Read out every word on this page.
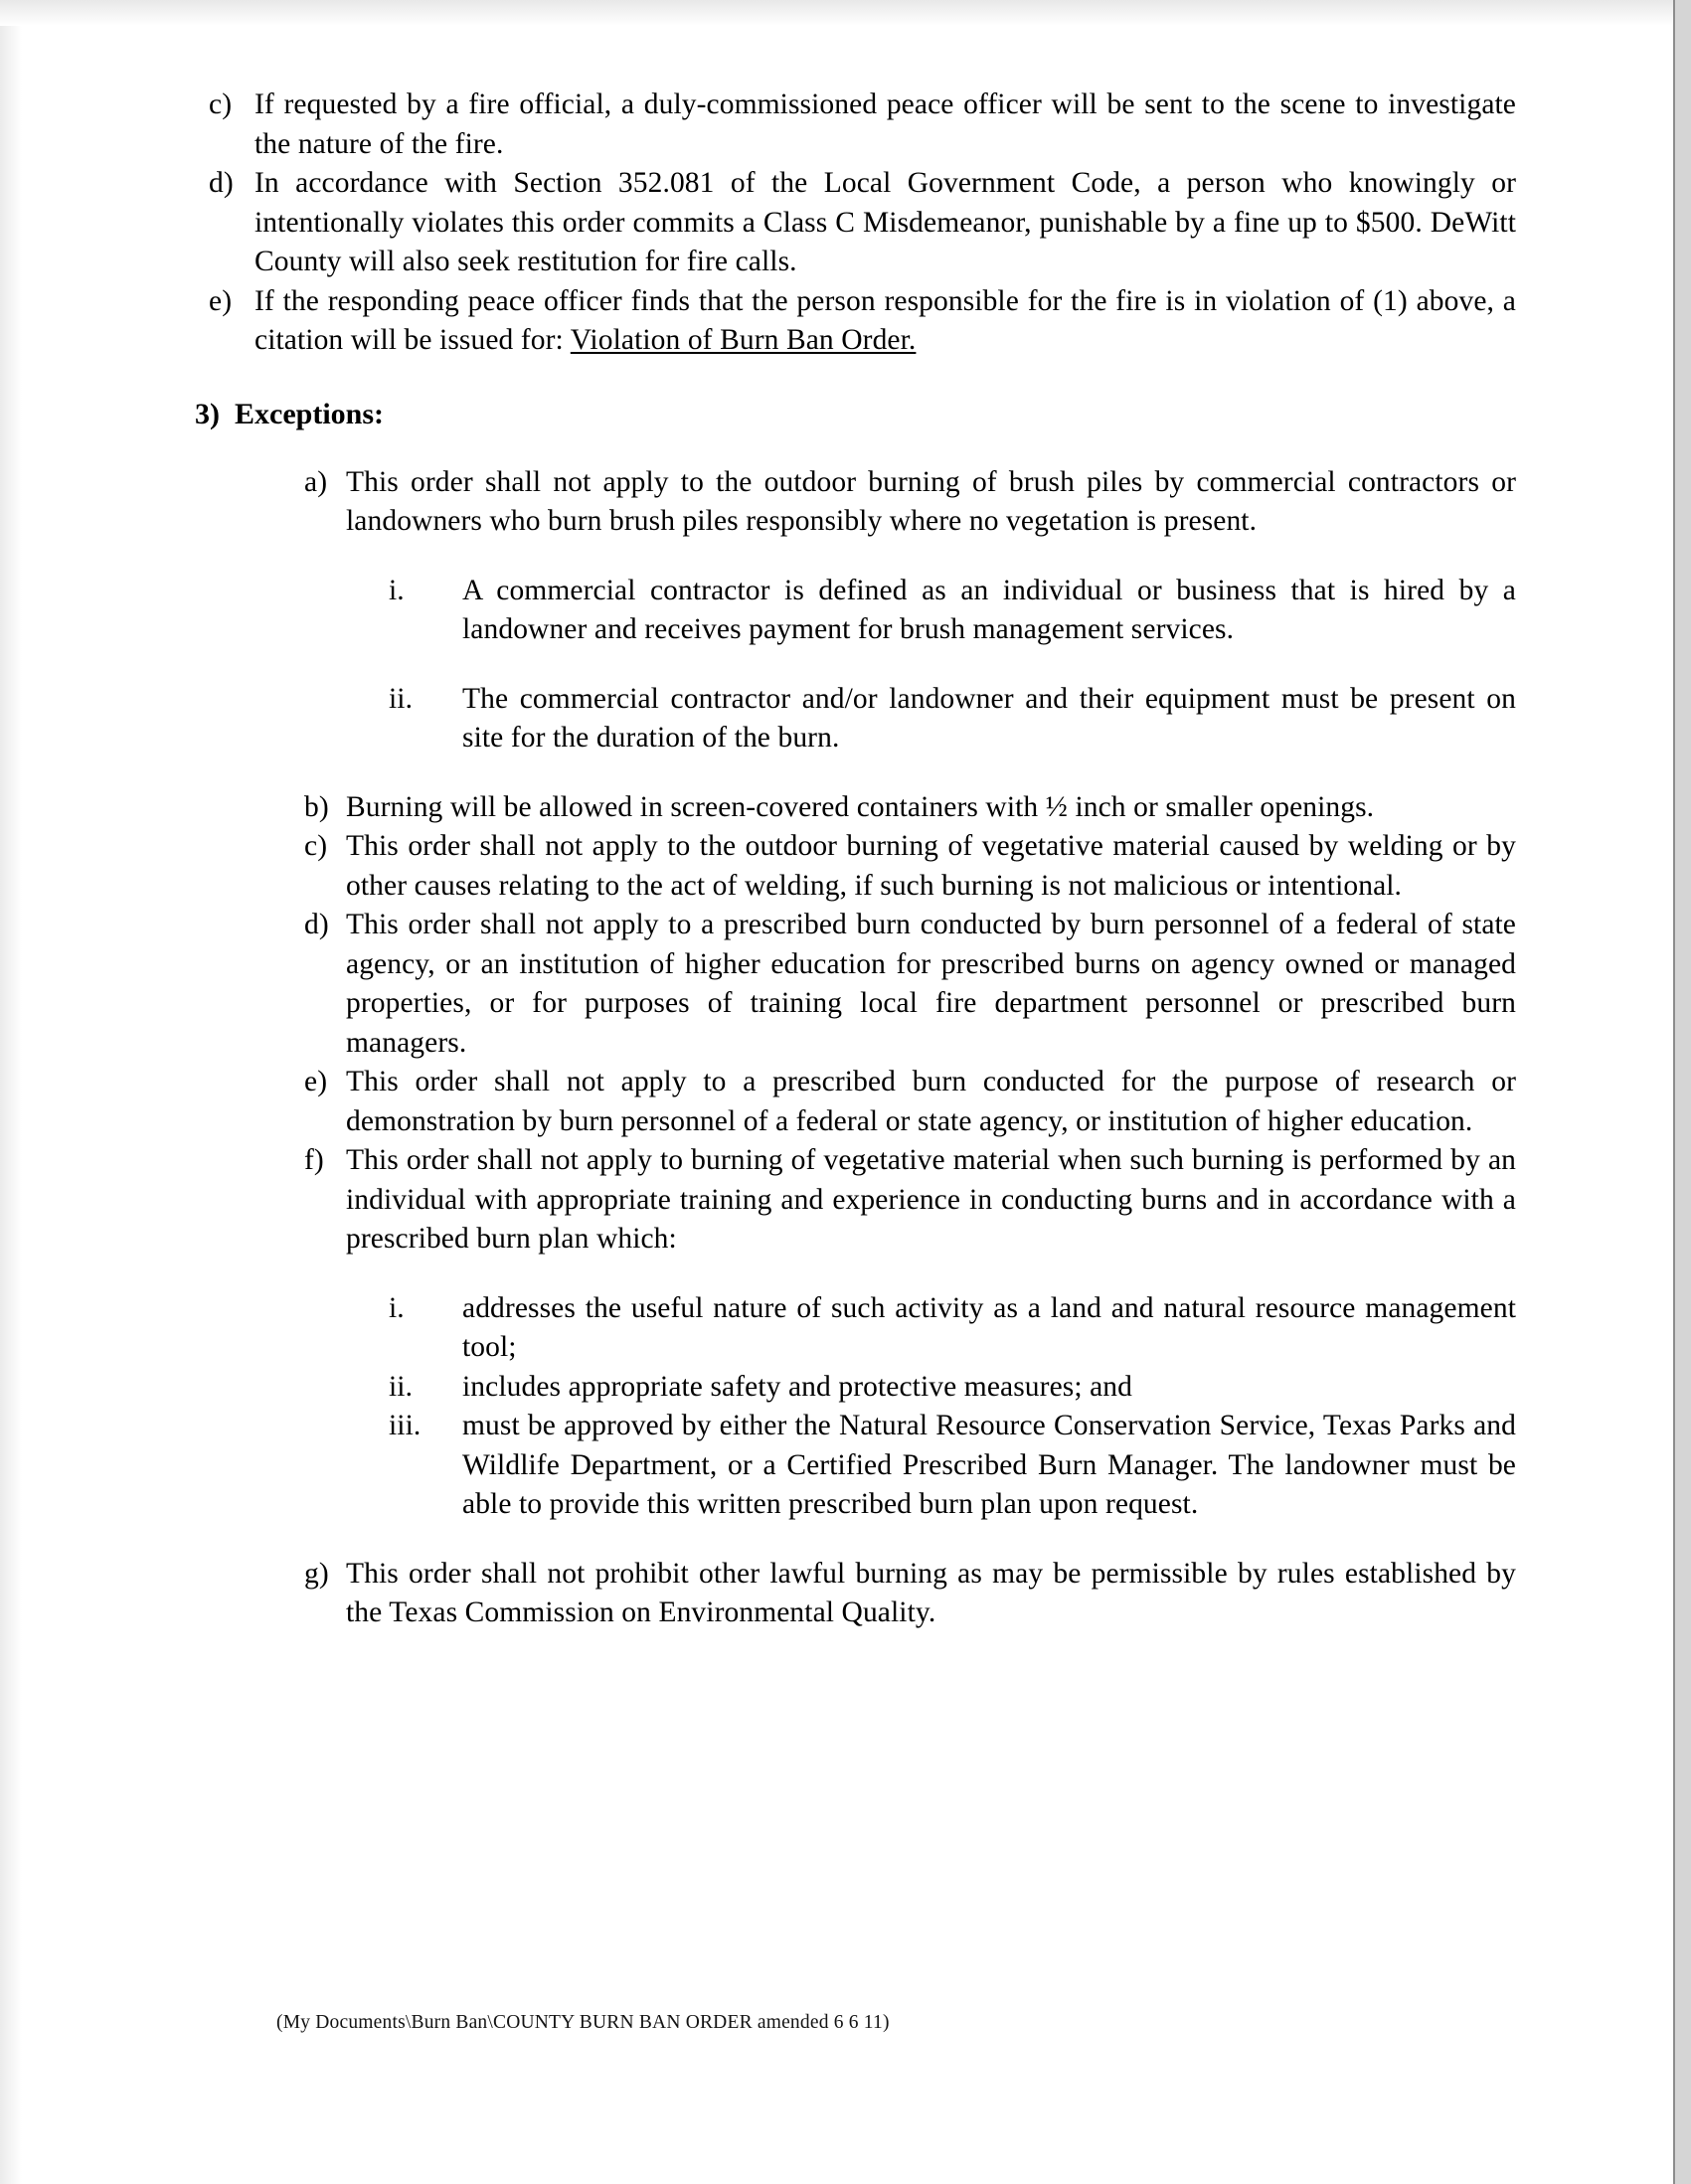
c) If requested by a fire official, a duly-commissioned peace officer will be sent to the scene to investigate the nature of the fire.
d) In accordance with Section 352.081 of the Local Government Code, a person who knowingly or intentionally violates this order commits a Class C Misdemeanor, punishable by a fine up to $500. DeWitt County will also seek restitution for fire calls.
e) If the responding peace officer finds that the person responsible for the fire is in violation of (1) above, a citation will be issued for: Violation of Burn Ban Order.
3) Exceptions:
a) This order shall not apply to the outdoor burning of brush piles by commercial contractors or landowners who burn brush piles responsibly where no vegetation is present.
i.	A commercial contractor is defined as an individual or business that is hired by a landowner and receives payment for brush management services.
ii.	The commercial contractor and/or landowner and their equipment must be present on site for the duration of the burn.
b) Burning will be allowed in screen-covered containers with ½ inch or smaller openings.
c) This order shall not apply to the outdoor burning of vegetative material caused by welding or by other causes relating to the act of welding, if such burning is not malicious or intentional.
d) This order shall not apply to a prescribed burn conducted by burn personnel of a federal of state agency, or an institution of higher education for prescribed burns on agency owned or managed properties, or for purposes of training local fire department personnel or prescribed burn managers.
e) This order shall not apply to a prescribed burn conducted for the purpose of research or demonstration by burn personnel of a federal or state agency, or institution of higher education.
f) This order shall not apply to burning of vegetative material when such burning is performed by an individual with appropriate training and experience in conducting burns and in accordance with a prescribed burn plan which:
i.	addresses the useful nature of such activity as a land and natural resource management tool;
ii.	includes appropriate safety and protective measures; and
iii.	must be approved by either the Natural Resource Conservation Service, Texas Parks and Wildlife Department, or a Certified Prescribed Burn Manager. The landowner must be able to provide this written prescribed burn plan upon request.
g) This order shall not prohibit other lawful burning as may be permissible by rules established by the Texas Commission on Environmental Quality.
(My Documents\Burn Ban\COUNTY BURN BAN ORDER amended 6 6 11)
